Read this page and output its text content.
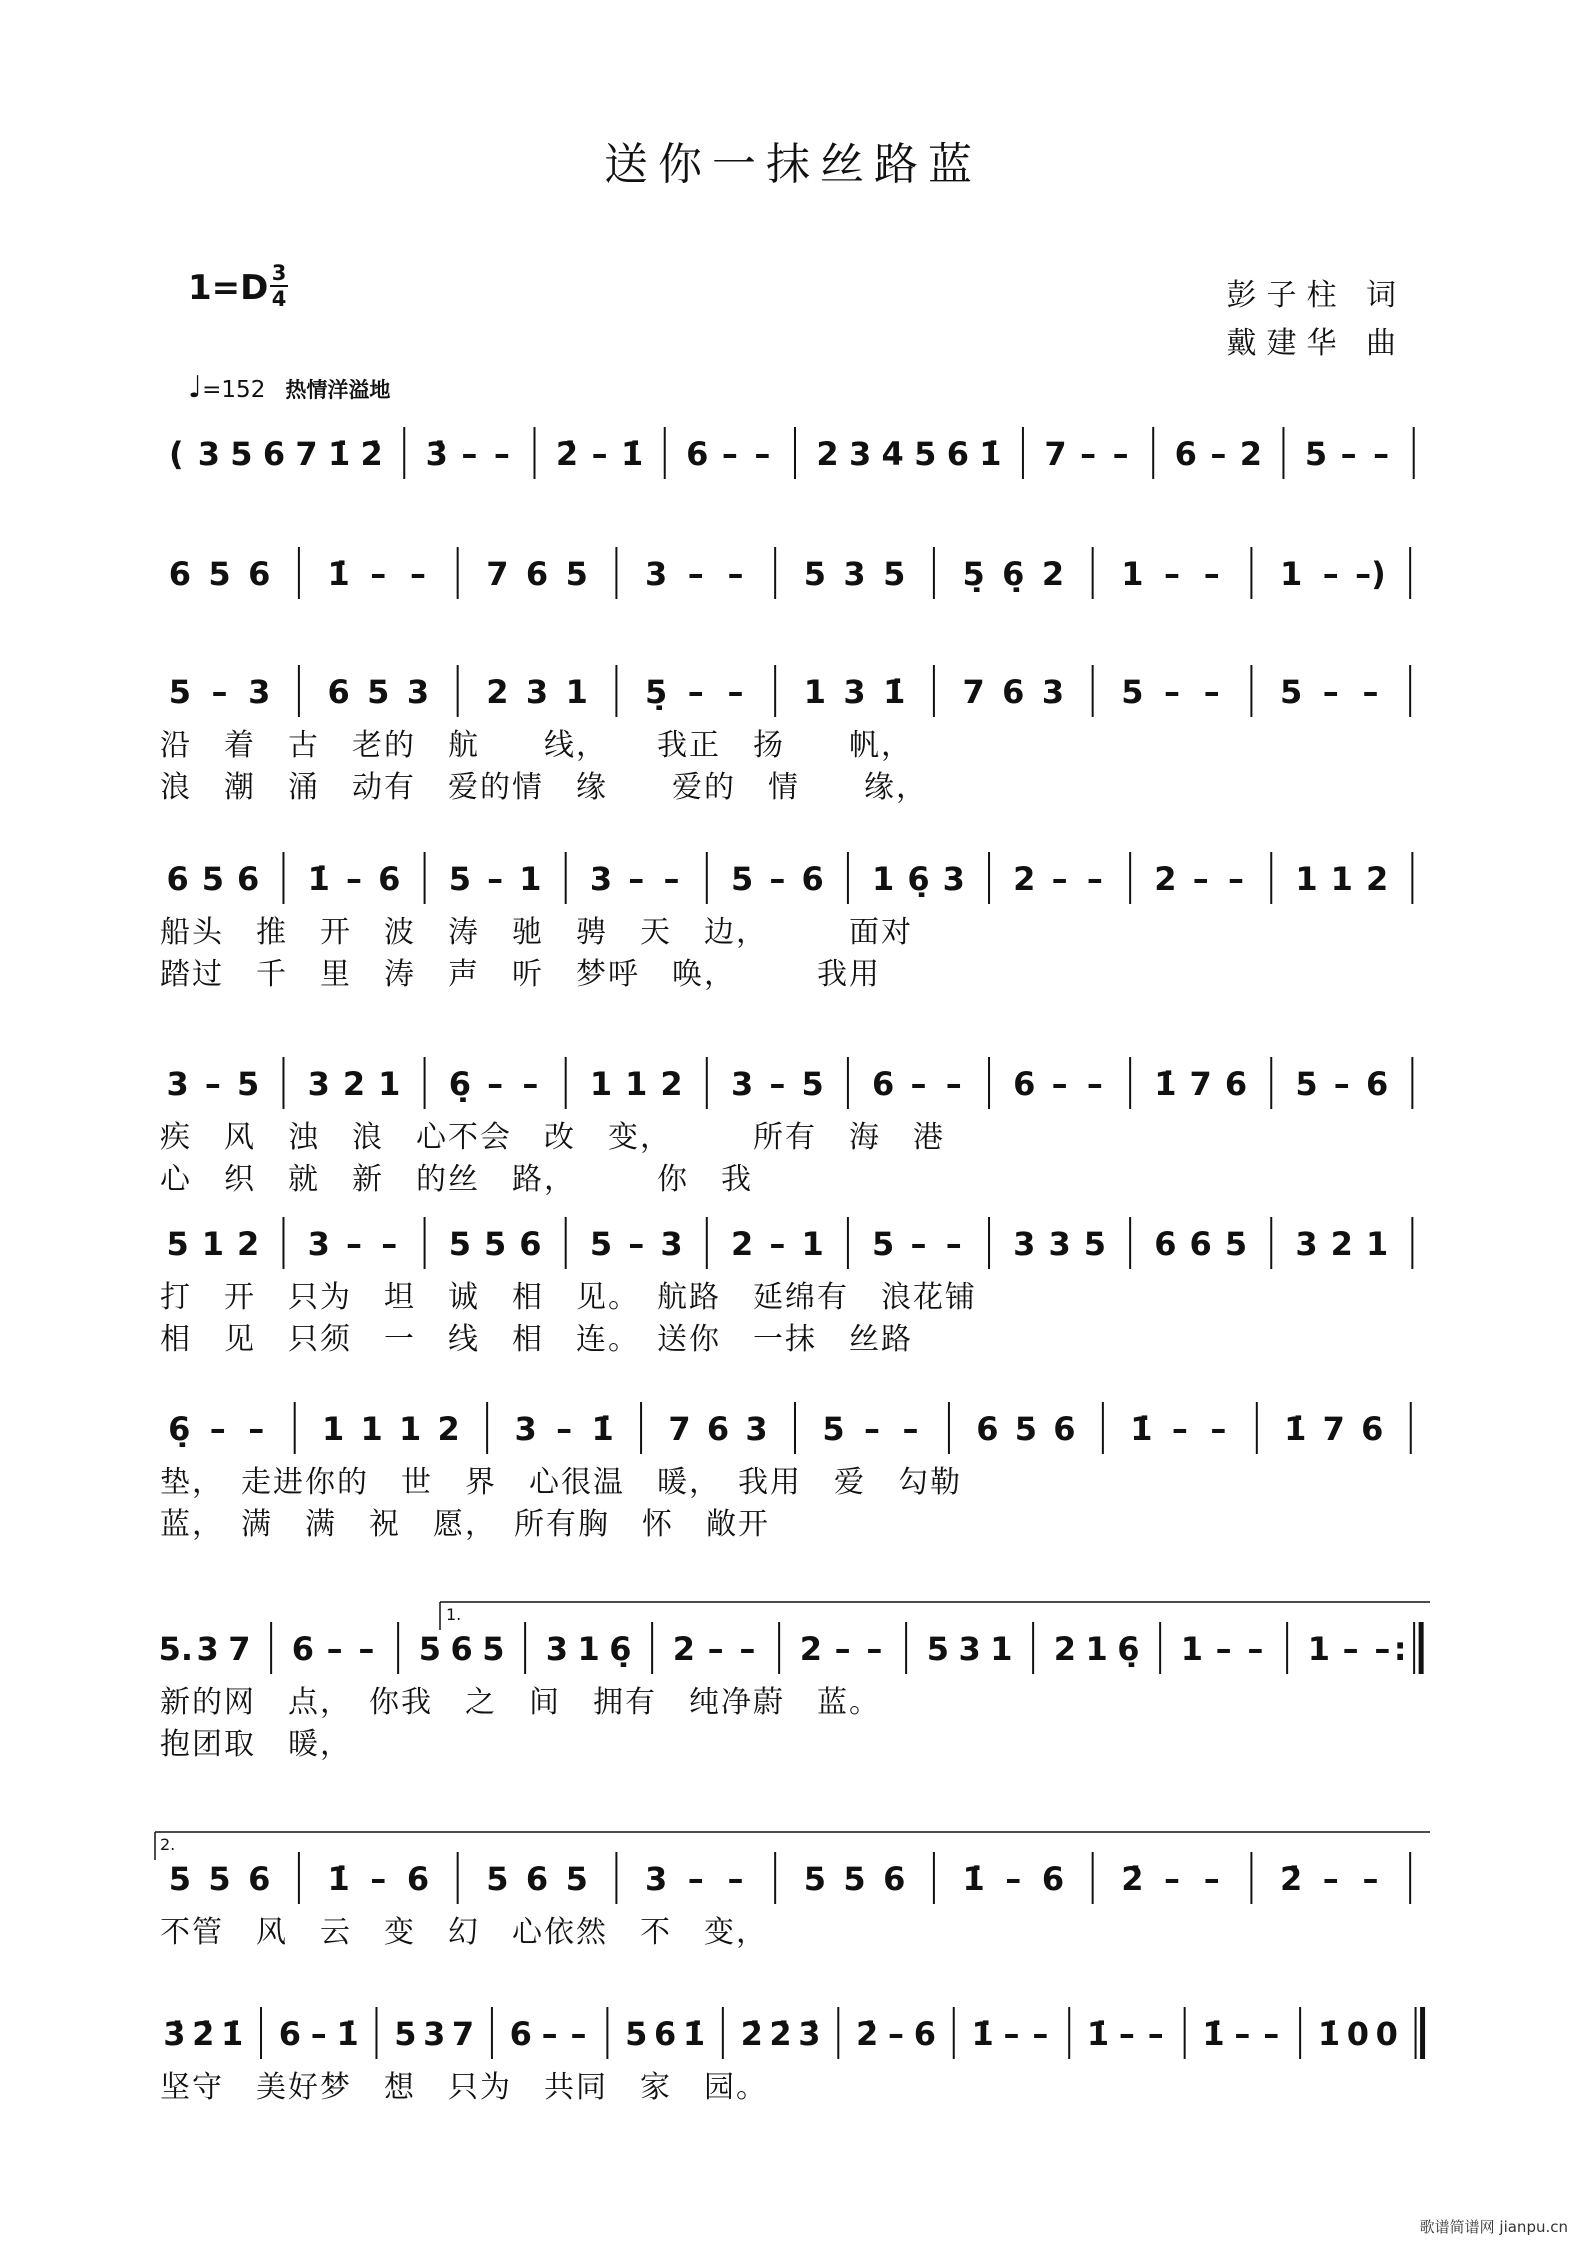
送你一抹丝路蓝
1=D 3
4	彭子柱 词
戴建华 曲
♩=152 热情洋溢地
( 3 5 6 7 1̇ 2̇ 3̇ – – 2̇ – 1̇ 6 – – 2 3 4 5 6 1̇ 7 – – 6 – 2 5 – –
6 5 6 1̇ – – 7 6 5 3 – – 5 3 5 5̣ 6̣ 2 1 – – 1 – –)
5 – 3 6 5 3 2 3 1 5̣ – – 1 3 1̇ 7 6 3 5 – – 5 – –
沿　着　古　老的　航　　线，　　我正　扬　　帆，
浪　潮　涌　动有　爱的情　缘　　爱的　情　　缘，
6 5 6 1̇ – 6 5 – 1 3 – – 5 – 6 1 6̣ 3 2 – – 2 – – 1 1 2
船头　推　开　波　涛　驰　骋　天　边，　　　面对
踏过　千　里　涛　声　听　梦呼　唤，　　　我用
3 – 5 3 2 1 6̣ – – 1 1 2 3 – 5 6 – – 6 – – 1̇ 7 6 5 – 6
疾　风　浊　浪　心不会　改　变，　　　所有　海　港
心　织　就　新　的丝　路，　　　你　我
5 1 2 3 – – 5 5 6 5 – 3 2 – 1 5 – – 3 3 5 6 6 5 3 2 1
打　开　只为　坦　诚　相　见。　航路　延绵有　浪花铺
相　见　只须　一　线　相　连。　送你　一抹　丝路
6̣ – – 1 1 1 2 3 – 1̇ 7 6 3 5 – – 6 5 6 1̇ – – 1̇ 7 6
垫，　走进你的　世　界　心很温　暖，　我用　爱　勾勒
蓝，　满　满　祝　愿，　所有胸　怀　敞开
1.
5. 3 7 6 – – 5 6 5 3 1 6̣ 2 – – 2 – – 5 3 1 2 1 6̣ 1 – – 1 – – :
新的网　点，　你我　之　间　拥有　纯净蔚　蓝。
抱团取　暖，
2.
5 5 6 1̇ – 6 5 6 5 3 – – 5 5 6 1̇ – 6 2̇ – – 2̇ – –
不管　风　云　变　幻　心依然　不　变，
3̇ 2̇ 1̇ 6 – 1̇ 5 3 7 6 – – 5 6 1̇ 2̇ 2̇ 3̇ 2̇ – 6 1̇ – – 1̇ – – 1̇ – – 1̇ 0 0
坚守　美好梦　想　只为　共同　家　园。
歌谱简谱网 jianpu.cn
